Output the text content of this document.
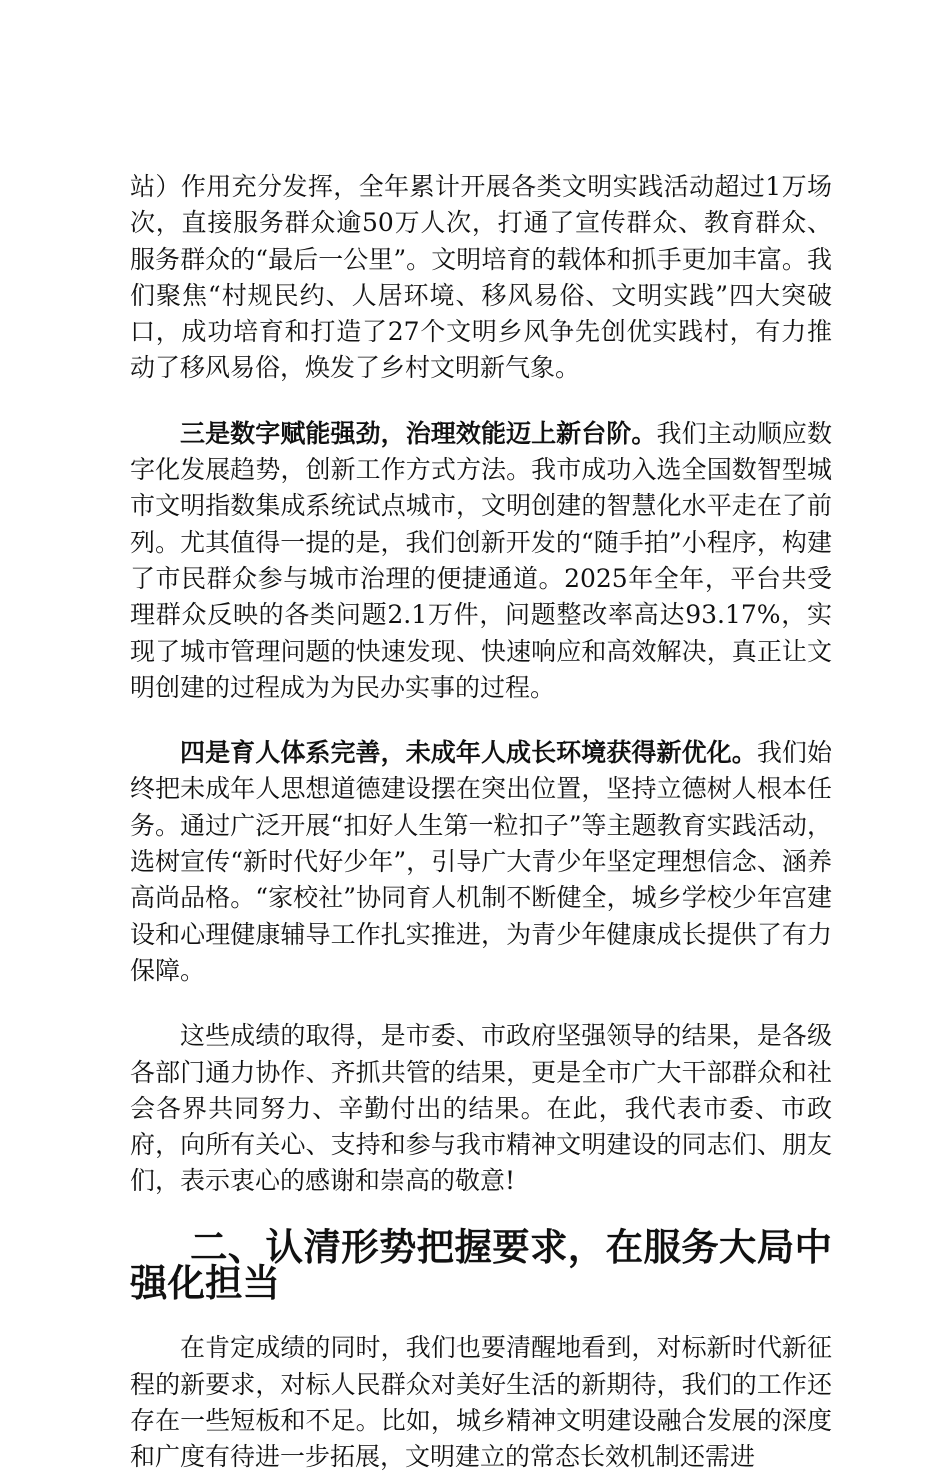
站）作用充分发挥，全年累计开展各类文明实践活动超过1万场次，直接服务群众逾50万人次，打通了宣传群众、教育群众、服务群众的“最后一公里”。文明培育的载体和抓手更加丰富。我们聚焦“村规民约、人居环境、移风易俗、文明实践”四大突破口，成功培育和打造了27个文明乡风争先创优实践村，有力推动了移风易俗，焕发了乡村文明新气象。

三是数字赋能强劲，治理效能迈上新台阶。我们主动顺应数字化发展趋势，创新工作方式方法。我市成功入选全国数智型城市文明指数集成系统试点城市，文明创建的智慧化水平走在了前列。尤其值得一提的是，我们创新开发的“随手拍”小程序，构建了市民群众参与城市治理的便捷通道。2025年全年，平台共受理群众反映的各类问题2.1万件，问题整改率高达93.17%，实现了城市管理问题的快速发现、快速响应和高效解决，真正让文明创建的过程成为为民办实事的过程。

四是育人体系完善，未成年人成长环境获得新优化。我们始终把未成年人思想道德建设摆在突出位置，坚持立德树人根本任务。通过广泛开展“扣好人生第一粒扣子”等主题教育实践活动，选树宣传“新时代好少年”，引导广大青少年坚定理想信念、涵养高尚品格。“家校社”协同育人机制不断健全，城乡学校少年宫建设和心理健康辅导工作扎实推进，为青少年健康成长提供了有力保障。

这些成绩的取得，是市委、市政府坚强领导的结果，是各级各部门通力协作、齐抓共管的结果，更是全市广大干部群众和社会各界共同努力、辛勤付出的结果。在此，我代表市委、市政府，向所有关心、支持和参与我市精神文明建设的同志们、朋友们，表示衷心的感谢和崇高的敬意!

二、认清形势把握要求，在服务大局中强化担当

在肯定成绩的同时，我们也要清醒地看到，对标新时代新征程的新要求，对标人民群众对美好生活的新期待，我们的工作还存在一些短板和不足。比如，城乡精神文明建设融合发展的深度和广度有待进一步拓展，文明建立的常态长效机制还需进
